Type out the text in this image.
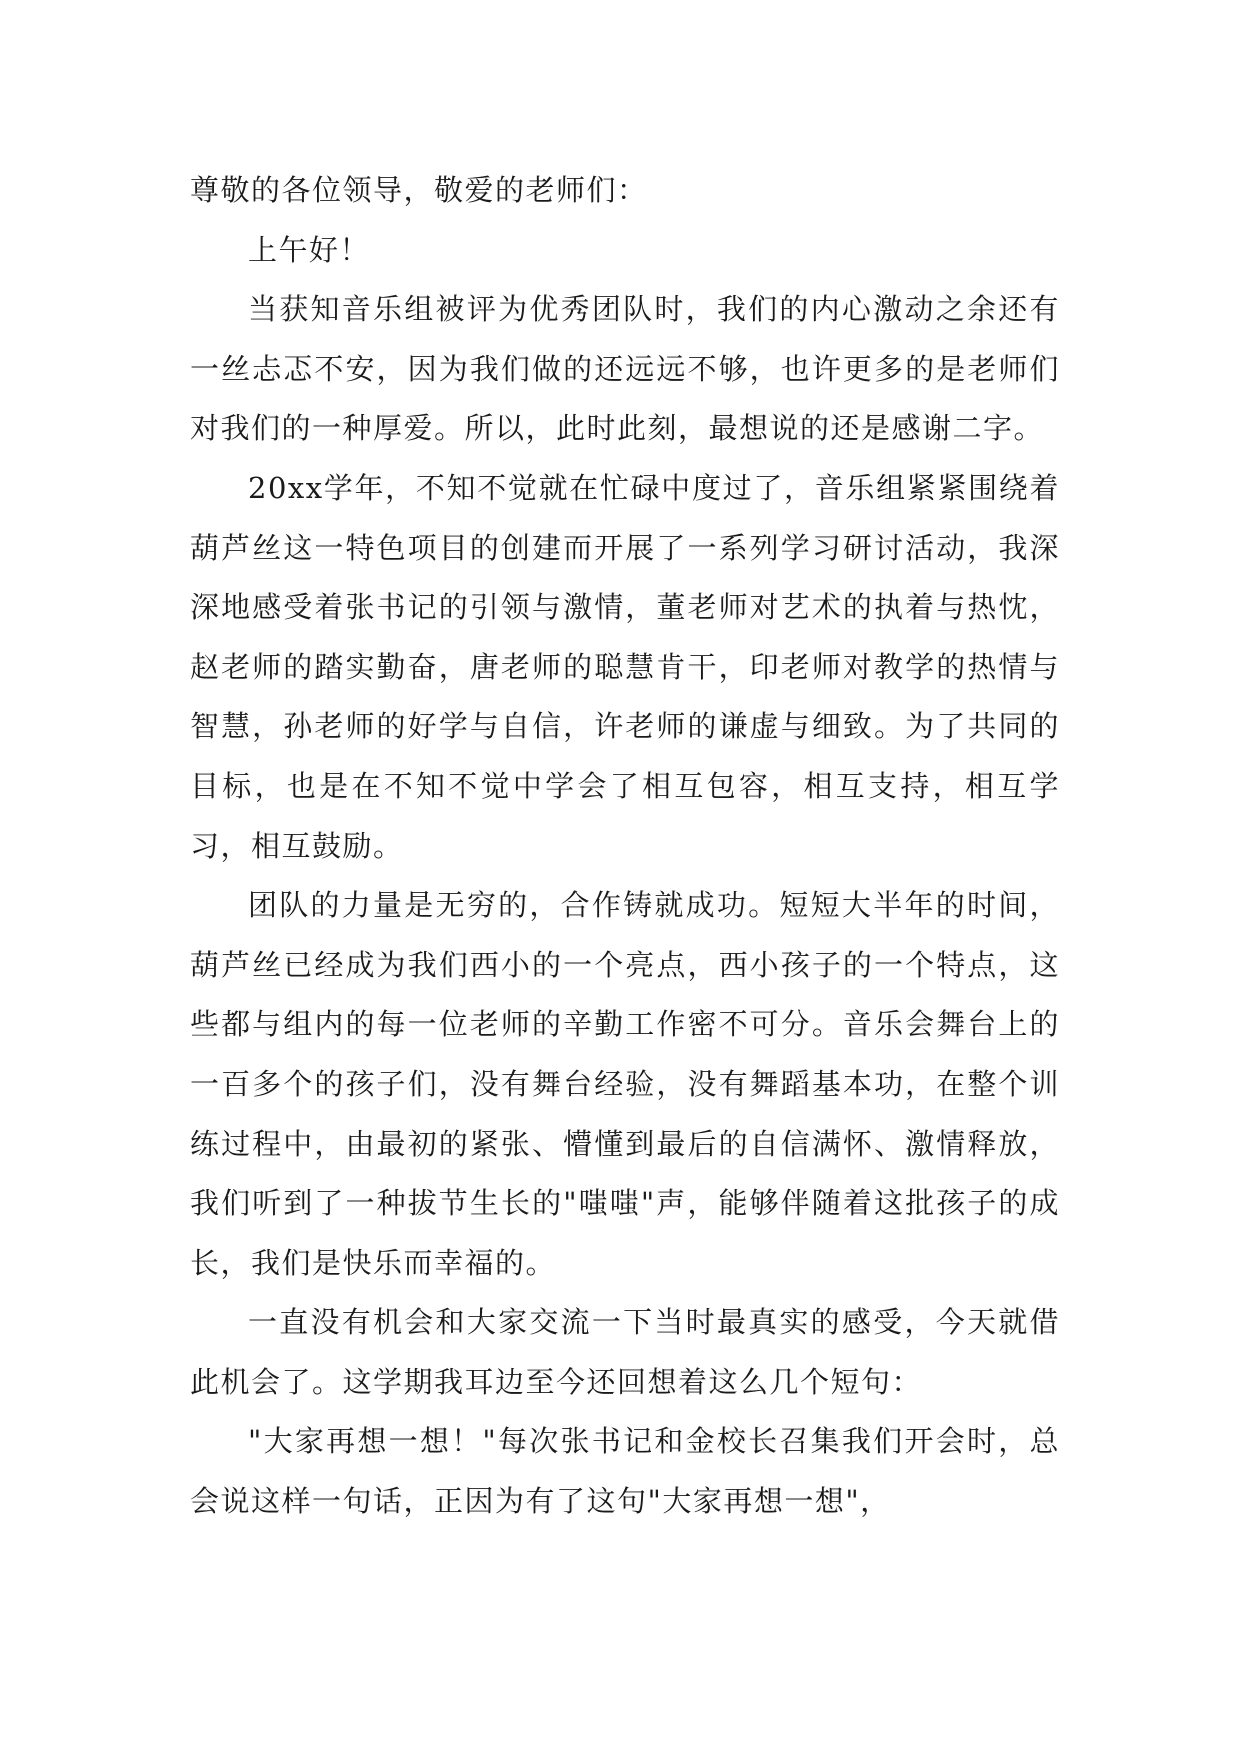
尊敬的各位领导，敬爱的老师们：

上午好！

当获知音乐组被评为优秀团队时，我们的内心激动之余还有一丝忐忑不安，因为我们做的还远远不够，也许更多的是老师们对我们的一种厚爱。所以，此时此刻，最想说的还是感谢二字。

20xx学年，不知不觉就在忙碌中度过了，音乐组紧紧围绕着葫芦丝这一特色项目的创建而开展了一系列学习研讨活动，我深深地感受着张书记的引领与激情，董老师对艺术的执着与热忱，赵老师的踏实勤奋，唐老师的聪慧肯干，印老师对教学的热情与智慧，孙老师的好学与自信，许老师的谦虚与细致。为了共同的目标，也是在不知不觉中学会了相互包容，相互支持，相互学习，相互鼓励。

团队的力量是无穷的，合作铸就成功。短短大半年的时间，葫芦丝已经成为我们西小的一个亮点，西小孩子的一个特点，这些都与组内的每一位老师的辛勤工作密不可分。音乐会舞台上的一百多个的孩子们，没有舞台经验，没有舞蹈基本功，在整个训练过程中，由最初的紧张、懵懂到最后的自信满怀、激情释放，我们听到了一种拔节生长的"嗤嗤"声，能够伴随着这批孩子的成长，我们是快乐而幸福的。

一直没有机会和大家交流一下当时最真实的感受，今天就借此机会了。这学期我耳边至今还回想着这么几个短句：

"大家再想一想！"每次张书记和金校长召集我们开会时，总会说这样一句话，正因为有了这句"大家再想一想"，
